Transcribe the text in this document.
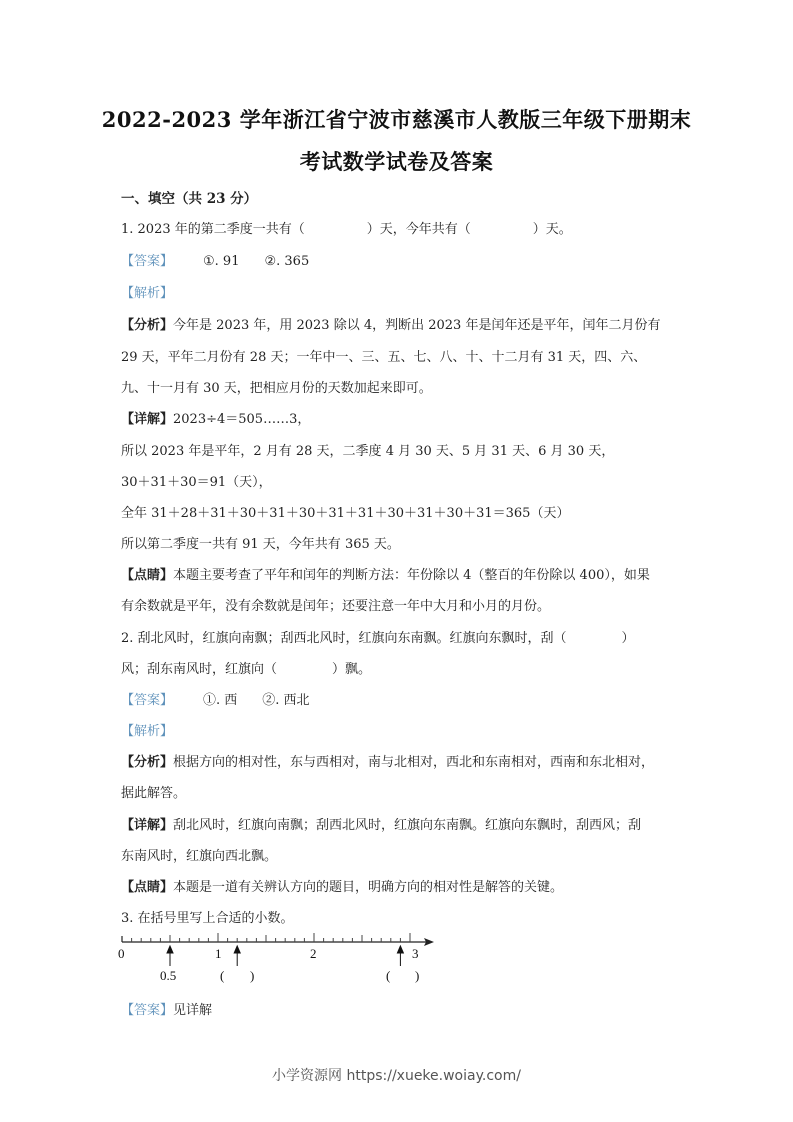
2022-2023 学年浙江省宁波市慈溪市人教版三年级下册期末
考试数学试卷及答案
一、填空（共 23 分）
1. 2023 年的第二季度一共有（	）天，今年共有（	）天。
【答案】 ①. 91 ②. 365
【解析】
【分析】今年是 2023 年，用 2023 除以 4，判断出 2023 年是闰年还是平年，闰年二月份有
29 天，平年二月份有 28 天；一年中一、三、五、七、八、十、十二月有 31 天，四、六、
九、十一月有 30 天，把相应月份的天数加起来即可。
【详解】2023÷4＝505……3，
所以 2023 年是平年，2 月有 28 天，二季度 4 月 30 天、5 月 31 天、6 月 30 天，
30＋31＋30＝91（天），
全年 31＋28＋31＋30＋31＋30＋31＋31＋30＋31＋30＋31＝365（天）
所以第二季度一共有 91 天，今年共有 365 天。
【点睛】本题主要考查了平年和闰年的判断方法：年份除以 4（整百的年份除以 400），如果
有余数就是平年，没有余数就是闰年；还要注意一年中大月和小月的月份。
2. 刮北风时，红旗向南飘；刮西北风时，红旗向东南飘。红旗向东飘时，刮（	）
风；刮东南风时，红旗向（	）飘。
【答案】 ①. 西 ②. 西北
【解析】
【分析】根据方向的相对性，东与西相对，南与北相对，西北和东南相对，西南和东北相对，
据此解答。
【详解】刮北风时，红旗向南飘；刮西北风时，红旗向东南飘。红旗向东飘时，刮西风；刮
东南风时，红旗向西北飘。
【点睛】本题是一道有关辨认方向的题目，明确方向的相对性是解答的关键。
3. 在括号里写上合适的小数。
0	1	2	3
0.5	( )	( )
【答案】见详解
小学资源网 https://xueke.woiay.com/
